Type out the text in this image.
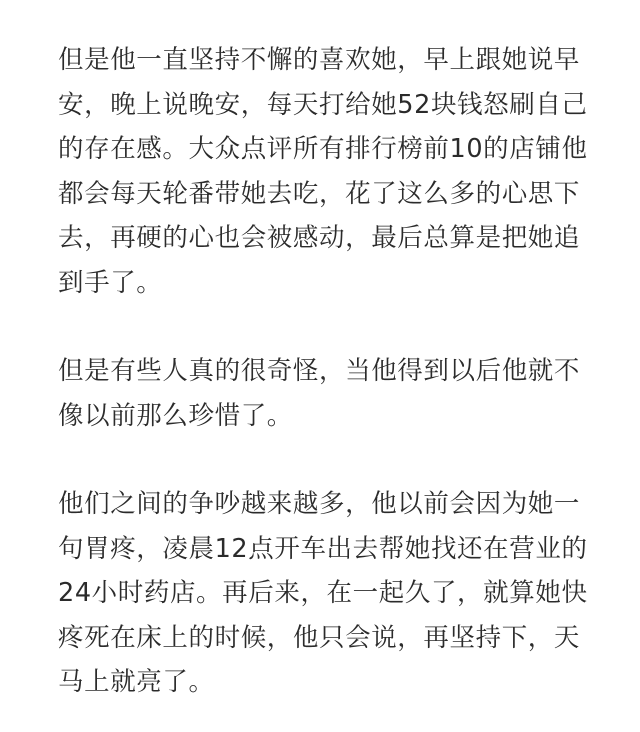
但是他一直坚持不懈的喜欢她，早上跟她说早
安，晚上说晚安，每天打给她52块钱怒刷自己
的存在感。大众点评所有排行榜前10的店铺他
都会每天轮番带她去吃，花了这么多的心思下
去，再硬的心也会被感动，最后总算是把她追
到手了。

但是有些人真的很奇怪，当他得到以后他就不
像以前那么珍惜了。

他们之间的争吵越来越多，他以前会因为她一
句胃疼，凌晨12点开车出去帮她找还在营业的
24小时药店。再后来，在一起久了，就算她快
疼死在床上的时候，他只会说，再坚持下，天
马上就亮了。
